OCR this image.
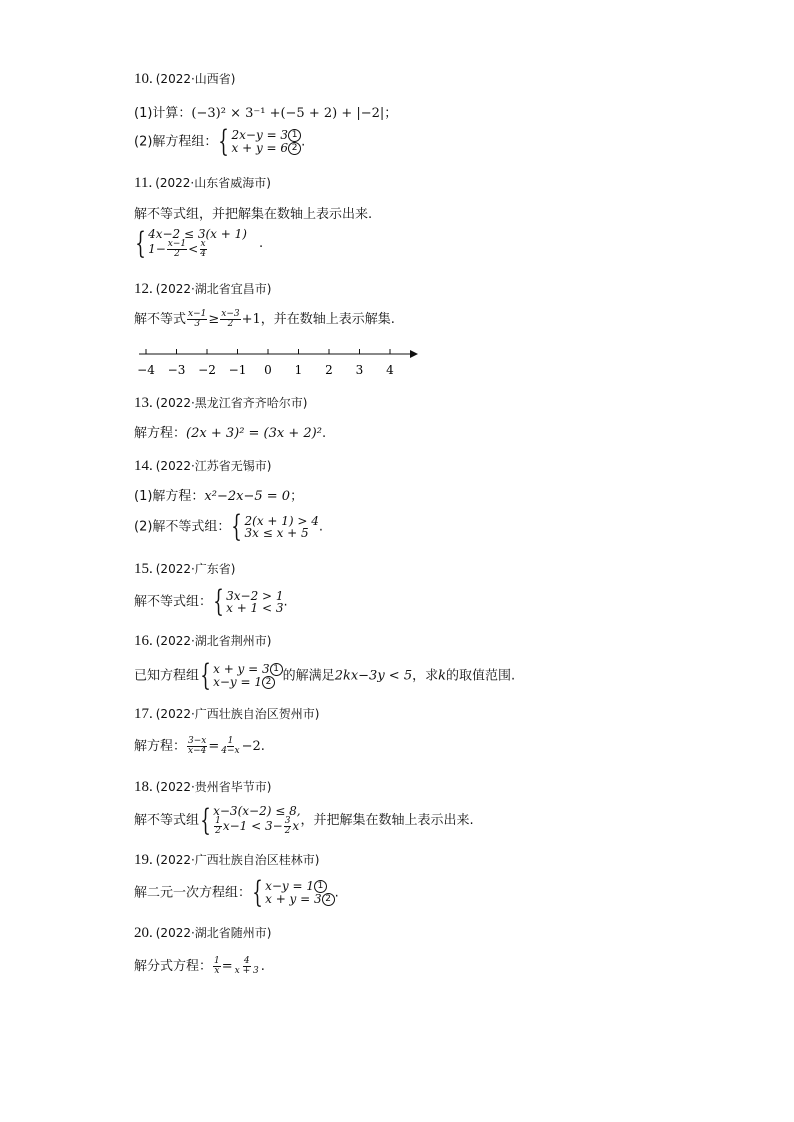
10. (2022·山西省)
(1)计算：(−3)² × 3⁻¹ +(−5 + 2) + |−2|；
(2)解方程组： { 2x−y = 3 1
x + y = 6 2 .
11. (2022·山东省威海市)
解不等式组，并把解集在数轴上表示出来.
{ 4x−2 ≤ 3(x + 1)
$1- \frac{x-1}{2} < \frac{x}{4}$	.
12. (2022·湖北省宜昌市)
解不等式 $\frac{x-1}{3} \ge \frac{x-3}{2} +1$，并在数轴上表示解集.
−4 −3 −2 −1 0 1 2 3 4
13. (2022·黑龙江省齐齐哈尔市)
解方程：(2x + 3)² = (3x + 2)².
14. (2022·江苏省无锡市)
(1)解方程：x²−2x−5 = 0；
(2)解不等式组： { 2(x + 1) > 4
3x ≤ x + 5 .
15. (2022·广东省)
解不等式组： { 3x−2 > 1
x + 1 < 3 .
16. (2022·湖北省荆州市)
已知方程组 { x + y = 3 1
x−y = 1 2 的解满足2kx−3y < 5，求k的取值范围.
17. (2022·广西壮族自治区贺州市)
解方程： $\frac{3-x}{x-4} = \frac{1}{4-x} -2$.
18. (2022·贵州省毕节市)
解不等式组 { x−3(x−2) ≤ 8,
$\frac{1}{2} x-1 < 3- \frac{3}{2}$ x ，并把解集在数轴上表示出来.
19. (2022·广西壮族自治区桂林市)
解二元一次方程组： { x−y = 1 1
x + y = 3 2 .
20. (2022·湖北省随州市)
解分式方程： $\frac{1}{x} = \frac{4}{x + 3}$ .
